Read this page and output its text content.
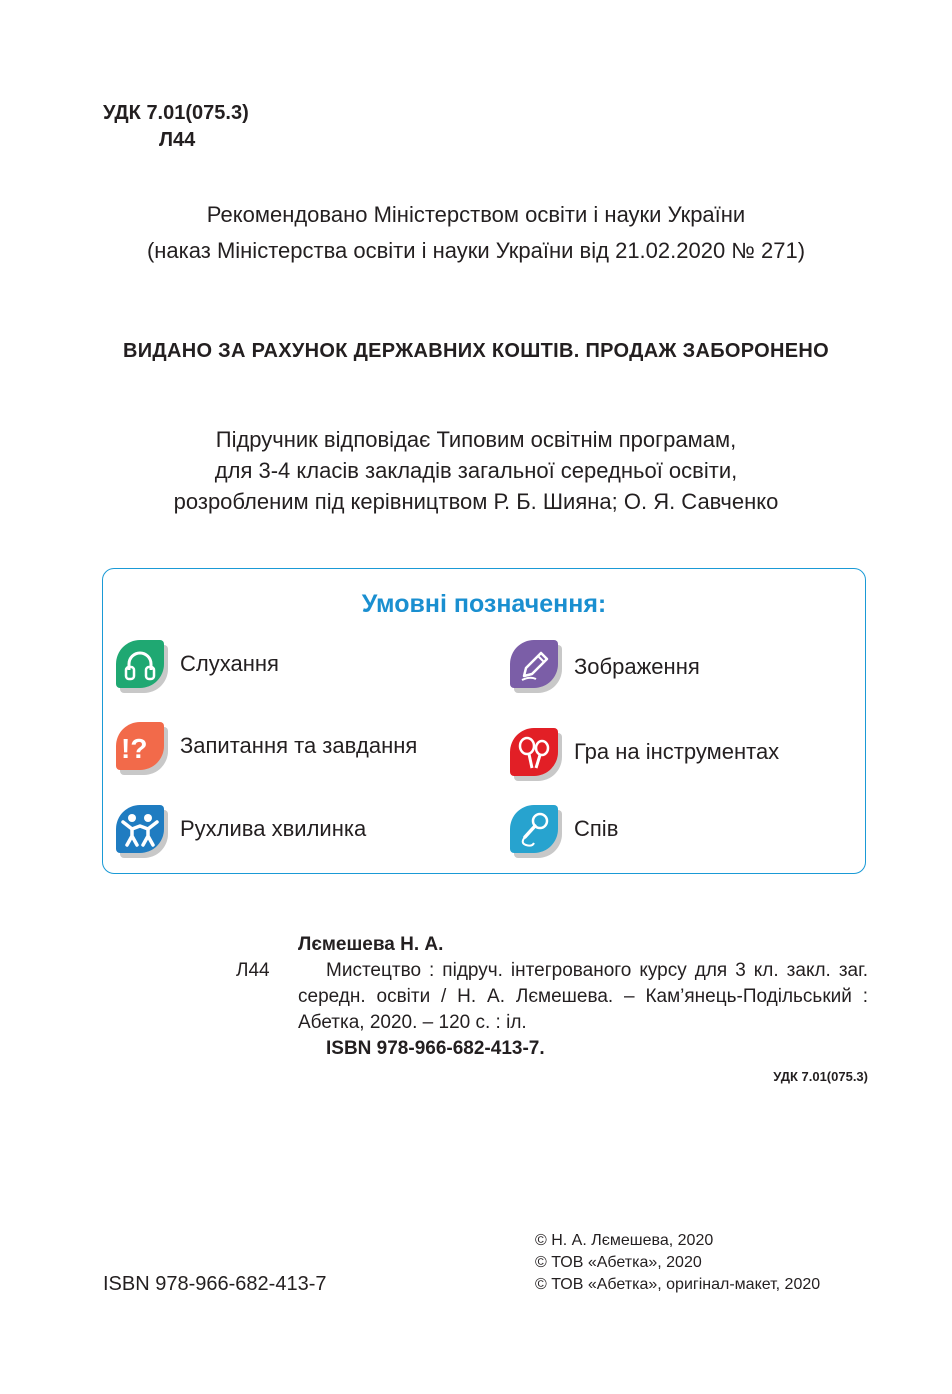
УДК 7.01(075.3)
Л44
Рекомендовано Міністерством освіти і науки України
(наказ Міністерства освіти і науки України від 21.02.2020 № 271)
ВИДАНО ЗА РАХУНОК ДЕРЖАВНИХ КОШТІВ. ПРОДАЖ ЗАБОРОНЕНО
Підручник відповідає Типовим освітнім програмам,
для 3-4 класів закладів загальної середньої освіти,
розробленим під керівництвом Р. Б. Шияна; О. Я. Савченко
Умовні позначення:
Слухання	Зображення
!? Запитання та завдання	Гра на інструментах
Рухлива хвилинка	Спів
Лємешева Н. А.
Л44	Мистецтво : підруч. інтегрованого курсу для 3 кл. закл. заг. середн. освіти / Н. А. Лємешева. – Кам’янець-Подільський : Абетка, 2020. – 120 с. : іл.
ISBN 978-966-682-413-7.
УДК 7.01(075.3)
ISBN 978-966-682-413-7
© Н. А. Лємешева, 2020
© ТОВ «Абетка», 2020
© ТОВ «Абетка», оригінал-макет, 2020
